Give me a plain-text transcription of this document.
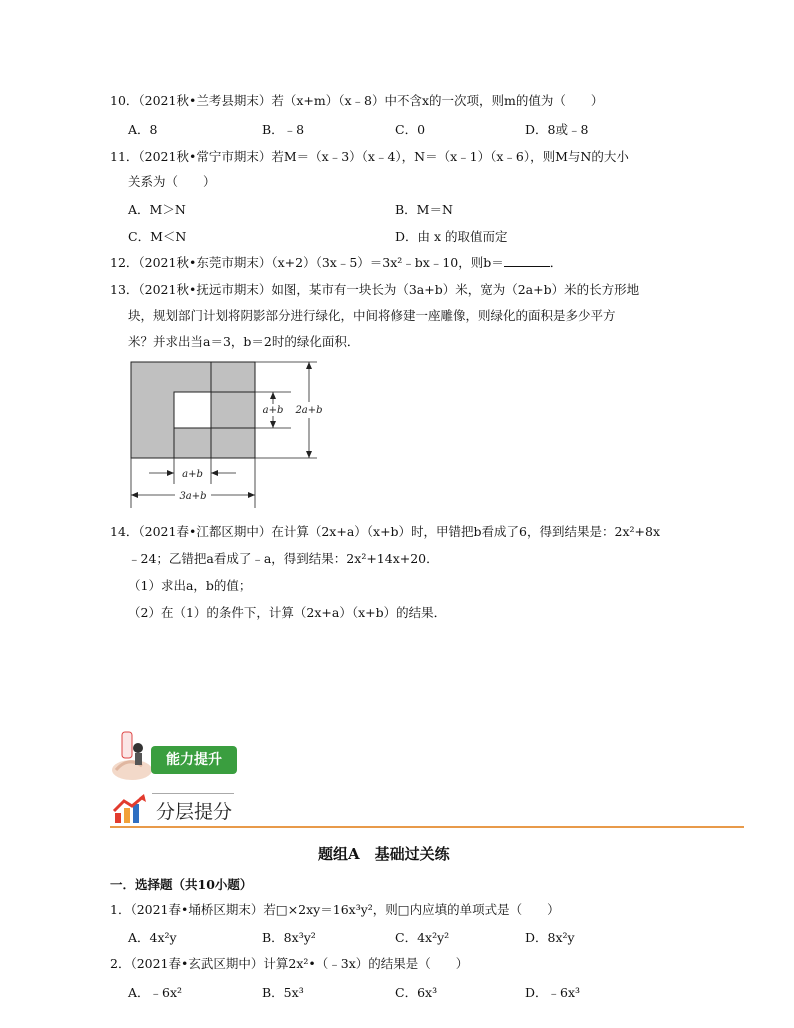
10．（2021秋•兰考县期末）若（x+m）（x﹣8）中不含x的一次项，则m的值为（　　）
A．8	B．﹣8	C．0	D．8或﹣8
11．（2021秋•常宁市期末）若M＝（x﹣3）（x﹣4），N＝（x﹣1）（x﹣6），则M与N的大小
关系为（　　）
A．M＞N	B．M＝N
C．M＜N	D．由 x 的取值而定
12．（2021秋•东莞市期末）（x+2）（3x﹣5）＝3x²﹣bx﹣10，则b＝	．
13．（2021秋•抚远市期末）如图，某市有一块长为（3a+b）米，宽为（2a+b）米的长方形地
块，规划部门计划将阴影部分进行绿化，中间将修建一座雕像，则绿化的面积是多少平方
米？并求出当a＝3，b＝2时的绿化面积．
a+b 2a+b
a+b
3a+b
14．（2021春•江都区期中）在计算（2x+a）（x+b）时，甲错把b看成了6，得到结果是：2x²+8x
﹣24；乙错把a看成了﹣a，得到结果：2x²+14x+20．
（1）求出a，b的值；
（2）在（1）的条件下，计算（2x+a）（x+b）的结果．
能力提升
分层提分
题组A　基础过关练
一．选择题（共10小题）
1．（2021春•埇桥区期末）若□×2xy＝16x³y²，则□内应填的单项式是（　　）
A．4x²y	B．8x³y²	C．4x²y²	D．8x²y
2．（2021春•玄武区期中）计算2x²•（﹣3x）的结果是（　　）
A．﹣6x²	B．5x³	C．6x³	D．﹣6x³
